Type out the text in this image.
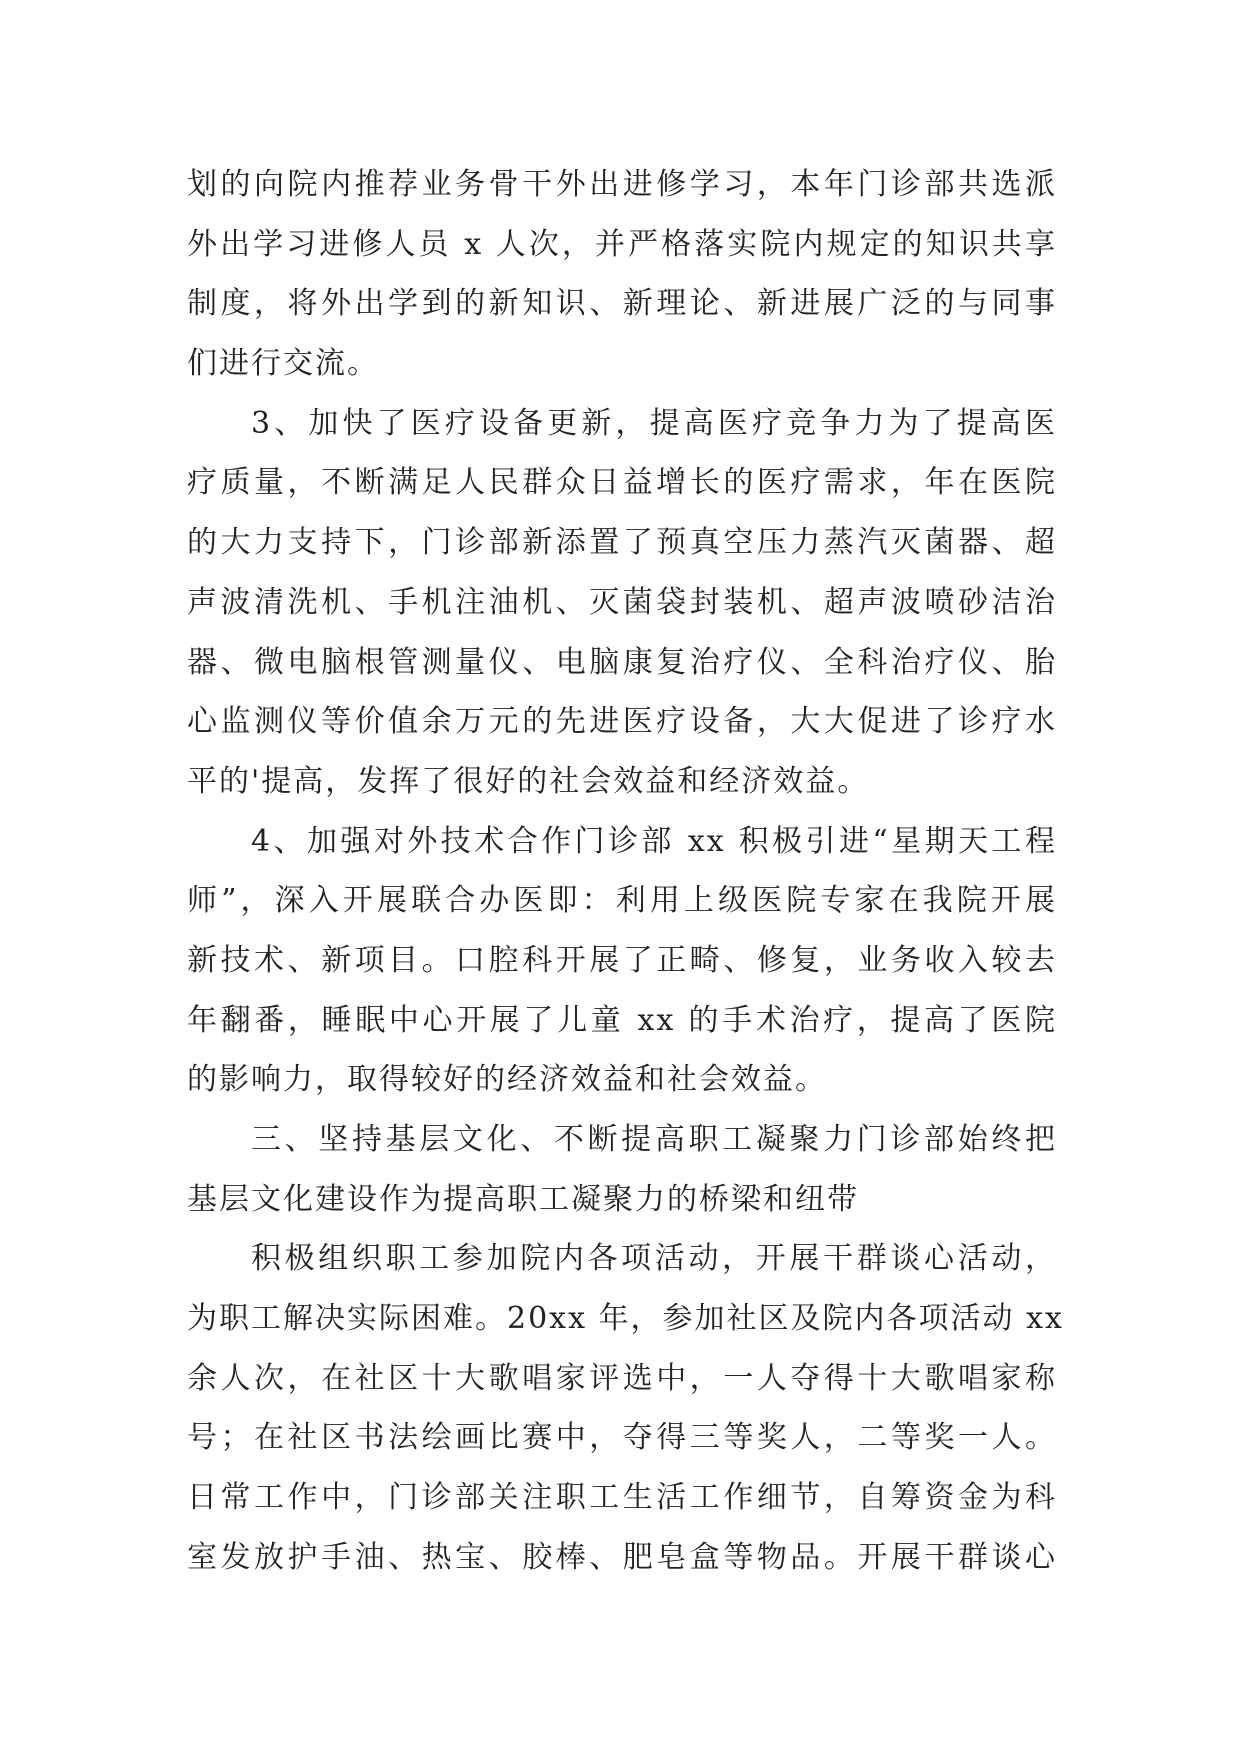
划的向院内推荐业务骨干外出进修学习，本年门诊部共选派
外出学习进修人员 x 人次，并严格落实院内规定的知识共享
制度，将外出学到的新知识、新理论、新进展广泛的与同事
们进行交流。
3、加快了医疗设备更新，提高医疗竞争力为了提高医
疗质量，不断满足人民群众日益增长的医疗需求，年在医院
的大力支持下，门诊部新添置了预真空压力蒸汽灭菌器、超
声波清洗机、手机注油机、灭菌袋封装机、超声波喷砂洁治
器、微电脑根管测量仪、电脑康复治疗仪、全科治疗仪、胎
心监测仪等价值余万元的先进医疗设备，大大促进了诊疗水
平的'提高，发挥了很好的社会效益和经济效益。
4、加强对外技术合作门诊部 xx 积极引进“星期天工程
师”，深入开展联合办医即：利用上级医院专家在我院开展
新技术、新项目。口腔科开展了正畸、修复，业务收入较去
年翻番，睡眠中心开展了儿童 xx 的手术治疗，提高了医院
的影响力，取得较好的经济效益和社会效益。
三、坚持基层文化、不断提高职工凝聚力门诊部始终把
基层文化建设作为提高职工凝聚力的桥梁和纽带
积极组织职工参加院内各项活动，开展干群谈心活动，
为职工解决实际困难。20xx 年，参加社区及院内各项活动 xx
余人次，在社区十大歌唱家评选中，一人夺得十大歌唱家称
号；在社区书法绘画比赛中，夺得三等奖人，二等奖一人。
日常工作中，门诊部关注职工生活工作细节，自筹资金为科
室发放护手油、热宝、胶棒、肥皂盒等物品。开展干群谈心
